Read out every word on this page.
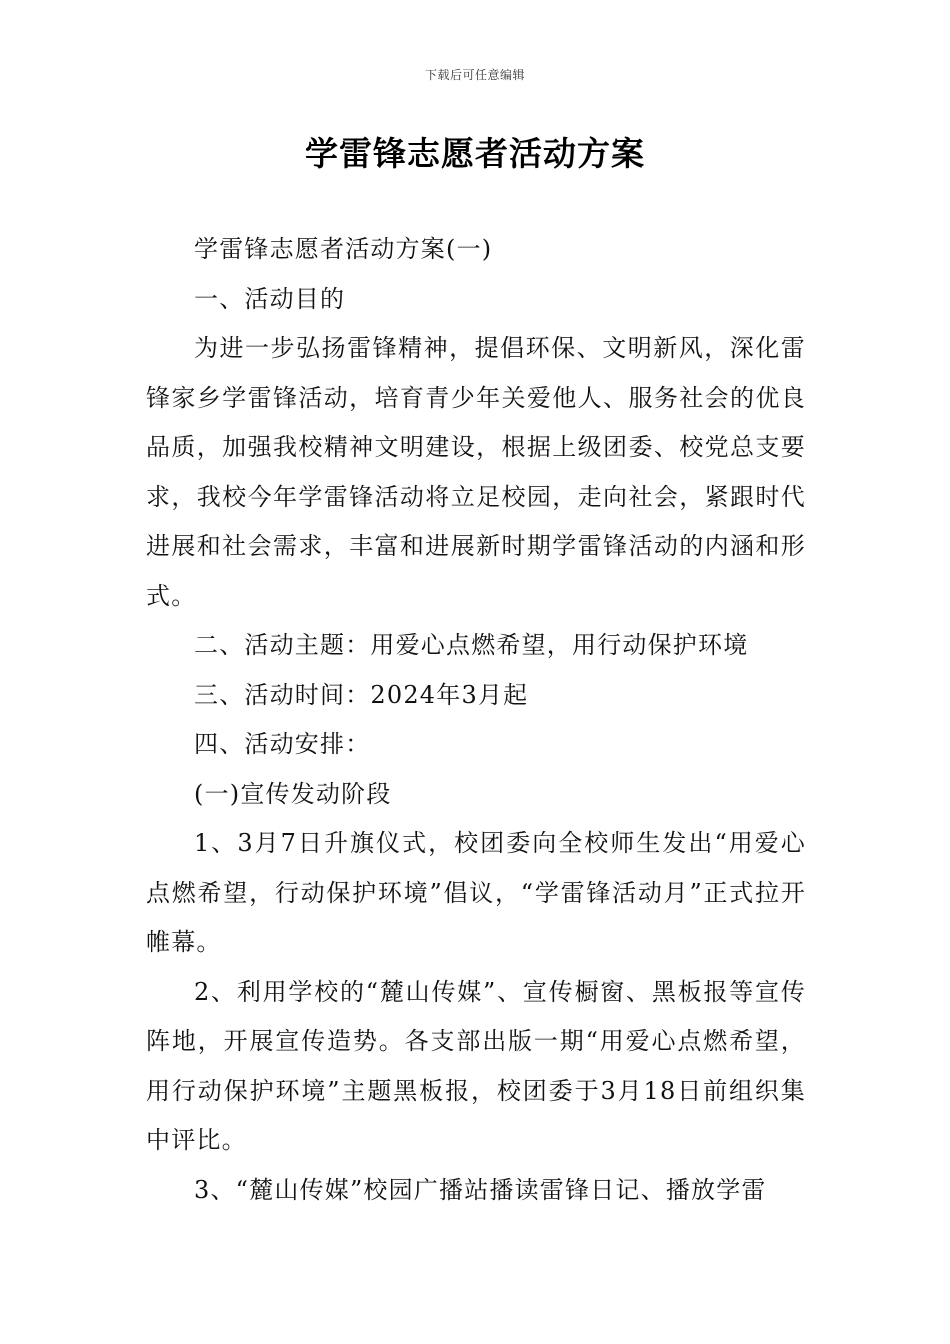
下载后可任意编辑
学雷锋志愿者活动方案

学雷锋志愿者活动方案(一)

一、活动目的

为进一步弘扬雷锋精神，提倡环保、文明新风，深化雷锋家乡学雷锋活动，培育青少年关爱他人、服务社会的优良品质，加强我校精神文明建设，根据上级团委、校党总支要求，我校今年学雷锋活动将立足校园，走向社会，紧跟时代进展和社会需求，丰富和进展新时期学雷锋活动的内涵和形式。

二、活动主题：用爱心点燃希望，用行动保护环境

三、活动时间：2024年3月起

四、活动安排：

(一)宣传发动阶段

1、3月7日升旗仪式，校团委向全校师生发出“用爱心点燃希望，行动保护环境”倡议，“学雷锋活动月”正式拉开帷幕。

2、利用学校的“麓山传媒”、宣传橱窗、黑板报等宣传阵地，开展宣传造势。各支部出版一期“用爱心点燃希望，用行动保护环境”主题黑板报，校团委于3月18日前组织集中评比。

3、“麓山传媒”校园广播站播读雷锋日记、播放学雷
